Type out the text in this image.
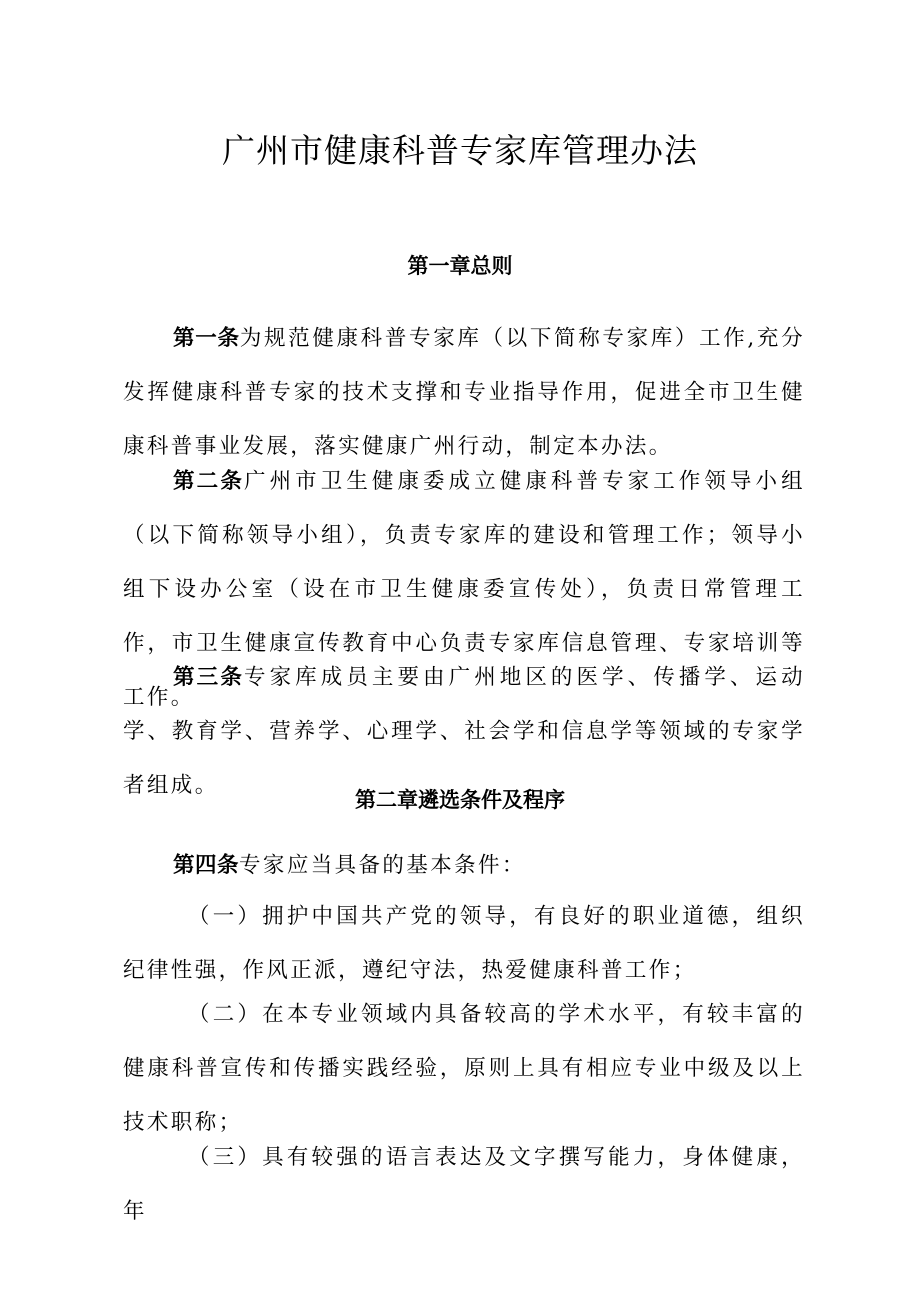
广州市健康科普专家库管理办法
第一章总则
第一条为规范健康科普专家库（以下简称专家库）工作,充分发挥健康科普专家的技术支撑和专业指导作用，促进全市卫生健康科普事业发展，落实健康广州行动，制定本办法。
第二条广州市卫生健康委成立健康科普专家工作领导小组（以下简称领导小组），负责专家库的建设和管理工作；领导小组下设办公室（设在市卫生健康委宣传处），负责日常管理工作，市卫生健康宣传教育中心负责专家库信息管理、专家培训等工作。
第三条专家库成员主要由广州地区的医学、传播学、运动学、教育学、营养学、心理学、社会学和信息学等领域的专家学者组成。
第二章遴选条件及程序
第四条专家应当具备的基本条件：
（一）拥护中国共产党的领导，有良好的职业道德，组织纪律性强，作风正派，遵纪守法，热爱健康科普工作；
（二）在本专业领域内具备较高的学术水平，有较丰富的健康科普宣传和传播实践经验，原则上具有相应专业中级及以上技术职称；
（三）具有较强的语言表达及文字撰写能力，身体健康，年
